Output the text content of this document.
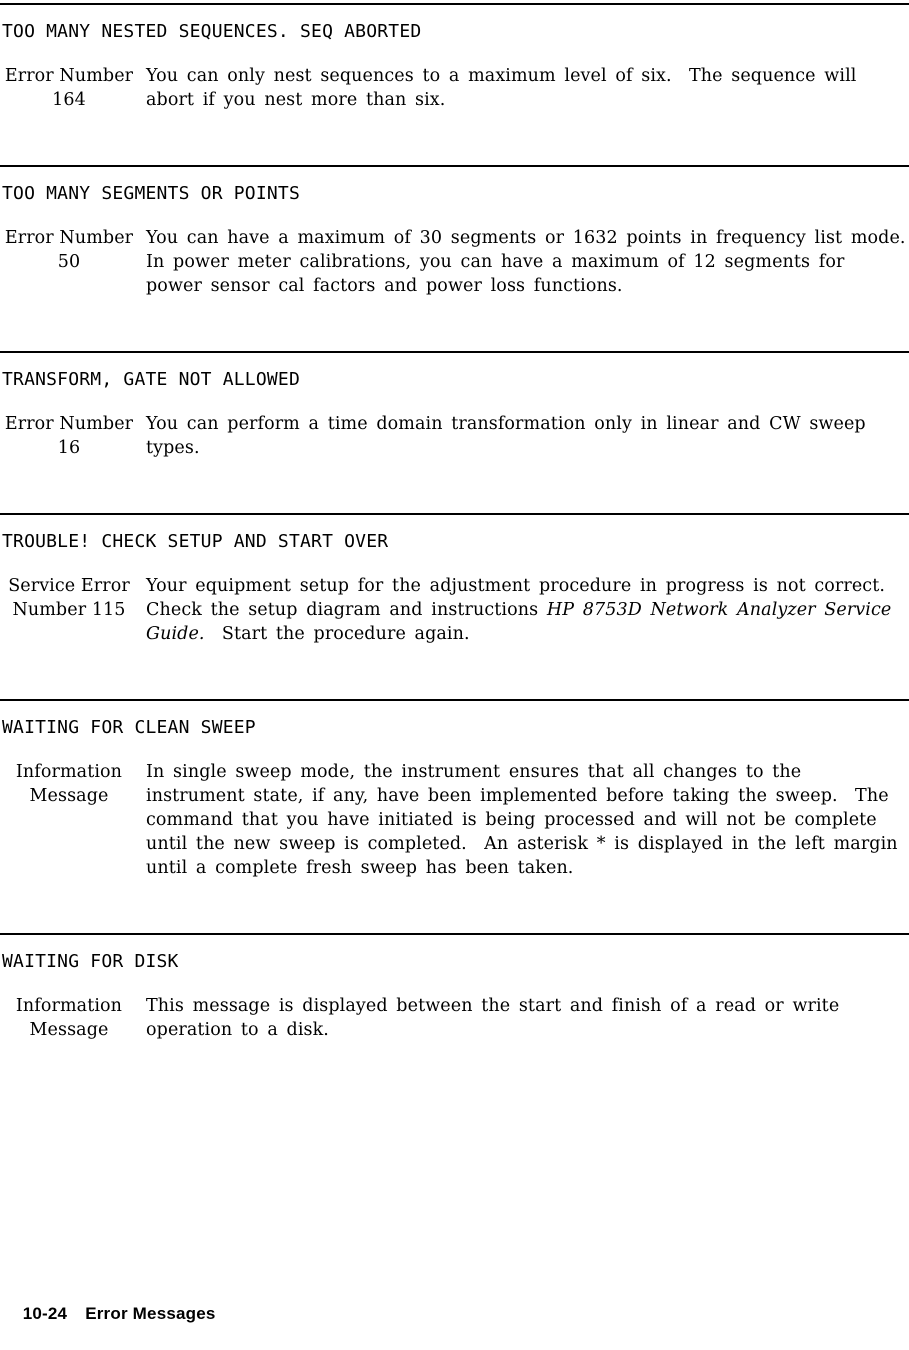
TOO MANY NESTED SEQUENCES. SEQ ABORTED
Error Number
164
You can only nest sequences to a maximum level of six.  The sequence will
abort if you nest more than six.
TOO MANY SEGMENTS OR POINTS
Error Number
50
You can have a maximum of 30 segments or 1632 points in frequency list mode.
In power meter calibrations, you can have a maximum of 12 segments for
power sensor cal factors and power loss functions.
TRANSFORM, GATE NOT ALLOWED
Error Number
16
You can perform a time domain transformation only in linear and CW sweep
types.
TROUBLE! CHECK SETUP AND START OVER
Service Error
Number 115
Your equipment setup for the adjustment procedure in progress is not correct.
Check the setup diagram and instructions HP 8753D Network Analyzer Service
Guide.  Start the procedure again.
WAITING FOR CLEAN SWEEP
Information
Message
In single sweep mode, the instrument ensures that all changes to the
instrument state, if any, have been implemented before taking the sweep.  The
command that you have initiated is being processed and will not be complete
until the new sweep is completed.  An asterisk * is displayed in the left margin
until a complete fresh sweep has been taken.
WAITING FOR DISK
Information
Message
This message is displayed between the start and finish of a read or write
operation to a disk.

10-24 Error Messages
